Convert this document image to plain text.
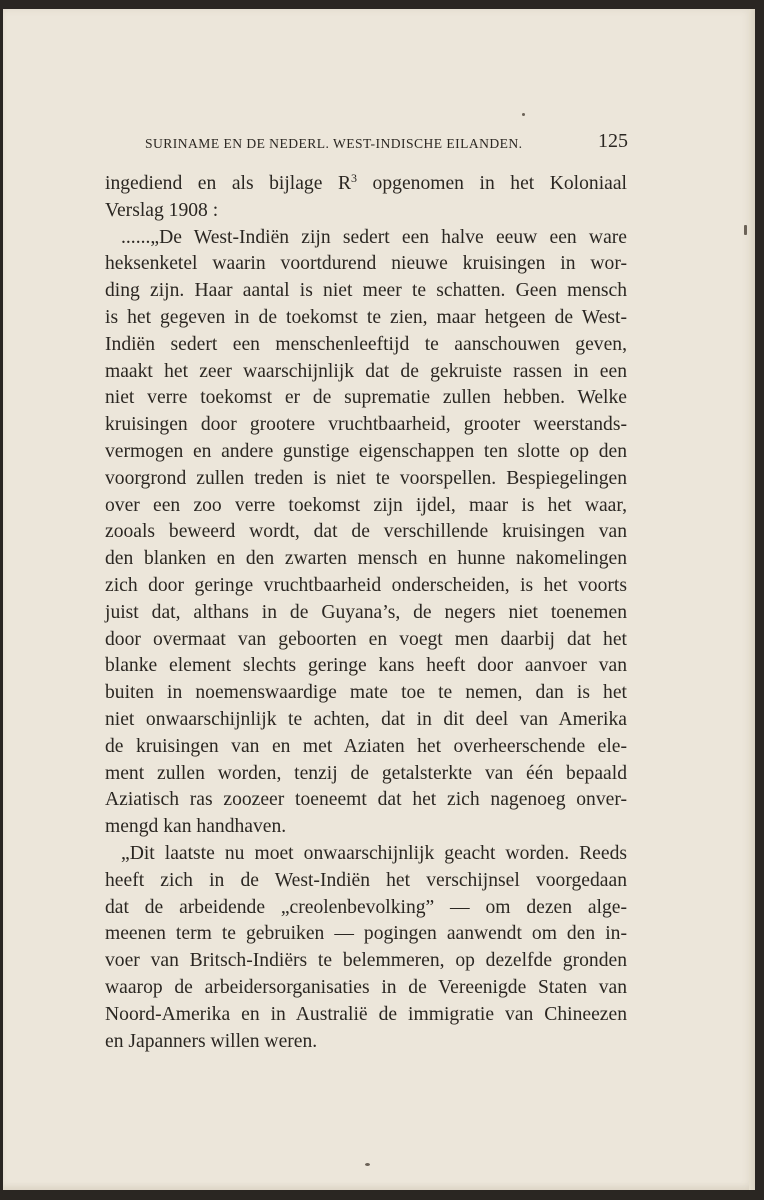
SURINAME EN DE NEDERL. WEST-INDISCHE EILANDEN.	125
ingediend en als bijlage $R^3$ opgenomen in het Koloniaal
Verslag 1908 :
......„De West-Indiën zijn sedert een halve eeuw een ware
heksenketel waarin voortdurend nieuwe kruisingen in wor-
ding zijn. Haar aantal is niet meer te schatten. Geen mensch
is het gegeven in de toekomst te zien, maar hetgeen de West-
Indiën sedert een menschenleeftijd te aanschouwen geven,
maakt het zeer waarschijnlijk dat de gekruiste rassen in een
niet verre toekomst er de suprematie zullen hebben. Welke
kruisingen door grootere vruchtbaarheid, grooter weerstands-
vermogen en andere gunstige eigenschappen ten slotte op den
voorgrond zullen treden is niet te voorspellen. Bespiegelingen
over een zoo verre toekomst zijn ijdel, maar is het waar,
zooals beweerd wordt, dat de verschillende kruisingen van
den blanken en den zwarten mensch en hunne nakomelingen
zich door geringe vruchtbaarheid onderscheiden, is het voorts
juist dat, althans in de Guyana’s, de negers niet toenemen
door overmaat van geboorten en voegt men daarbij dat het
blanke element slechts geringe kans heeft door aanvoer van
buiten in noemenswaardige mate toe te nemen, dan is het
niet onwaarschijnlijk te achten, dat in dit deel van Amerika
de kruisingen van en met Aziaten het overheerschende ele-
ment zullen worden, tenzij de getalsterkte van één bepaald
Aziatisch ras zoozeer toeneemt dat het zich nagenoeg onver-
mengd kan handhaven.
„Dit laatste nu moet onwaarschijnlijk geacht worden. Reeds
heeft zich in de West-Indiën het verschijnsel voorgedaan
dat de arbeidende „creolenbevolking” — om dezen alge-
meenen term te gebruiken — pogingen aanwendt om den in-
voer van Britsch-Indiërs te belemmeren, op dezelfde gronden
waarop de arbeidersorganisaties in de Vereenigde Staten van
Noord-Amerika en in Australië de immigratie van Chineezen
en Japanners willen weren.
